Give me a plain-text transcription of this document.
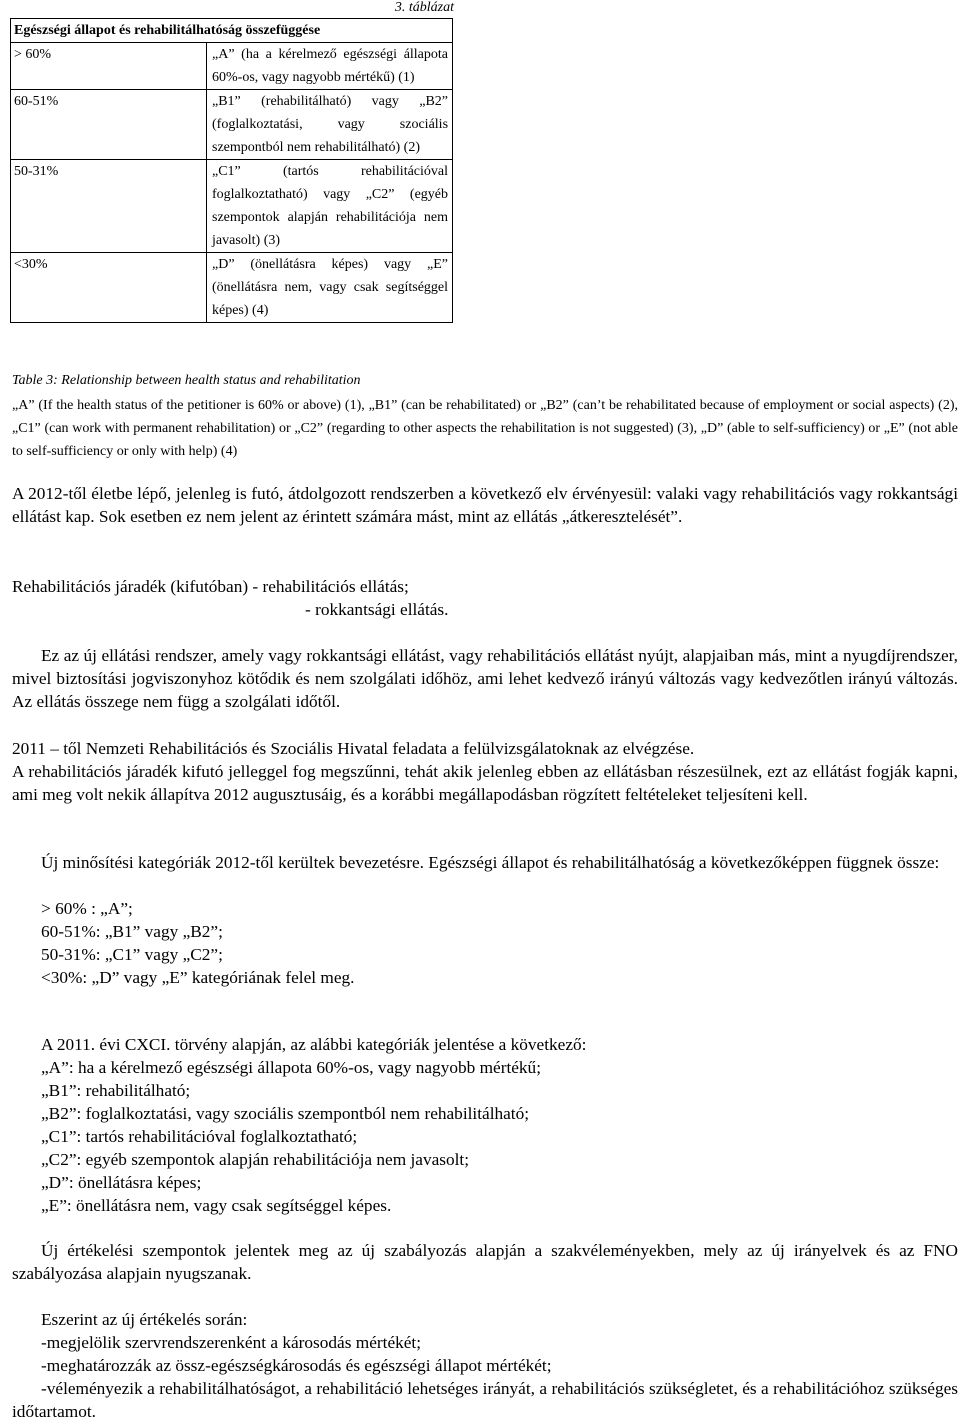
3. táblázat
Egészségi állapot és rehabilitálhatóság összefüggése	
> 60%	„A” (ha a kérelmező egészségi állapota 60%-os, vagy nagyobb mértékű) (1)
60-51%	„B1” (rehabilitálható) vagy „B2” (foglalkoztatási, vagy szociális szempontból nem rehabilitálható) (2)
50-31%	„C1” (tartós rehabilitációval foglalkoztatható) vagy „C2” (egyéb szempontok alapján rehabilitációja nem javasolt) (3)
<30%	„D” (önellátásra képes) vagy „E” (önellátásra nem, vagy csak segítséggel képes) (4)
Table 3: Relationship between health status and rehabilitation
„A” (If the health status of the petitioner is 60% or above) (1), „B1” (can be rehabilitated) or „B2” (can’t be rehabilitated because of employment or social aspects) (2), „C1” (can work with permanent rehabilitation) or „C2” (regarding to other aspects the rehabilitation is not suggested) (3), „D” (able to self-sufficiency) or „E” (not able to self-sufficiency or only with help) (4)

A 2012-től életbe lépő, jelenleg is futó, átdolgozott rendszerben a következő elv érvényesül: valaki vagy rehabilitációs vagy rokkantsági ellátást kap. Sok esetben ez nem jelent az érintett számára mást, mint az ellátás „átkeresztelését”.

Rehabilitációs járadék (kifutóban) - rehabilitációs ellátás;
- rokkantsági ellátás.

Ez az új ellátási rendszer, amely vagy rokkantsági ellátást, vagy rehabilitációs ellátást nyújt, alapjaiban más, mint a nyugdíjrendszer, mivel biztosítási jogviszonyhoz kötődik és nem szolgálati időhöz, ami lehet kedvező irányú változás vagy kedvezőtlen irányú változás. Az ellátás összege nem függ a szolgálati időtől.

2011 – től Nemzeti Rehabilitációs és Szociális Hivatal feladata a felülvizsgálatoknak az elvégzése.

A rehabilitációs járadék kifutó jelleggel fog megszűnni, tehát akik jelenleg ebben az ellátásban részesülnek, ezt az ellátást fogják kapni, ami meg volt nekik állapítva 2012 augusztusáig, és a korábbi megállapodásban rögzített feltételeket teljesíteni kell.

Új minősítési kategóriák 2012-től kerültek bevezetésre. Egészségi állapot és rehabilitálhatóság a következőképpen függnek össze:

> 60% : „A”;
60-51%: „B1” vagy „B2”;
50-31%: „C1” vagy „C2”;
<30%: „D” vagy „E” kategóriának felel meg.
A 2011. évi CXCI. törvény alapján, az alábbi kategóriák jelentése a következő:
„A”: ha a kérelmező egészségi állapota 60%-os, vagy nagyobb mértékű;
„B1”: rehabilitálható;
„B2”: foglalkoztatási, vagy szociális szempontból nem rehabilitálható;
„C1”: tartós rehabilitációval foglalkoztatható;
„C2”: egyéb szempontok alapján rehabilitációja nem javasolt;
„D”: önellátásra képes;
„E”: önellátásra nem, vagy csak segítséggel képes.

Új értékelési szempontok jelentek meg az új szabályozás alapján a szakvéleményekben, mely az új irányelvek és az FNO szabályozása alapjain nyugszanak.

Eszerint az új értékelés során:
-megjelölik szervrendszerenként a károsodás mértékét;
-meghatározzák az össz-egészségkárosodás és egészségi állapot mértékét;

-véleményezik a rehabilitálhatóságot, a rehabilitáció lehetséges irányát, a rehabilitációs szükségletet, és a rehabilitációhoz szükséges időtartamot.
